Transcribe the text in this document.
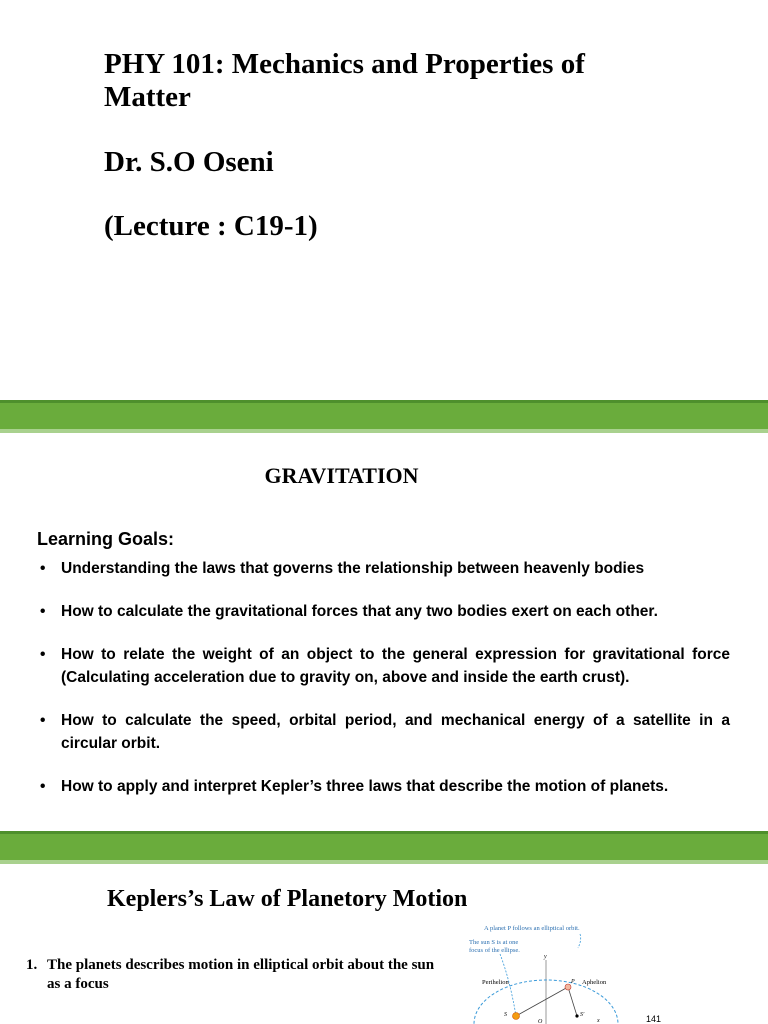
PHY 101: Mechanics and Properties of Matter
Dr. S.O Oseni
(Lecture : C19-1)
GRAVITATION
Learning Goals:
• Understanding the laws that governs the relationship between heavenly bodies
• How to calculate the gravitational forces that any two bodies exert on each other.
• How to relate the weight of an object to the general expression for gravitational force (Calculating acceleration due to gravity on, above and inside the earth crust).
• How to calculate the speed, orbital period, and mechanical energy of a satellite in a circular orbit.
• How to apply and interpret Kepler’s three laws that describe the motion of planets.
Keplers’s Law of Planetory Motion
1. The planets describes motion in elliptical orbit about the sun as a focus
A planet P follows an elliptical orbit.
The sun S is at one
focus of the ellipse.
y
x
Perihelion	Aphelion
P
S	S′
O	141
